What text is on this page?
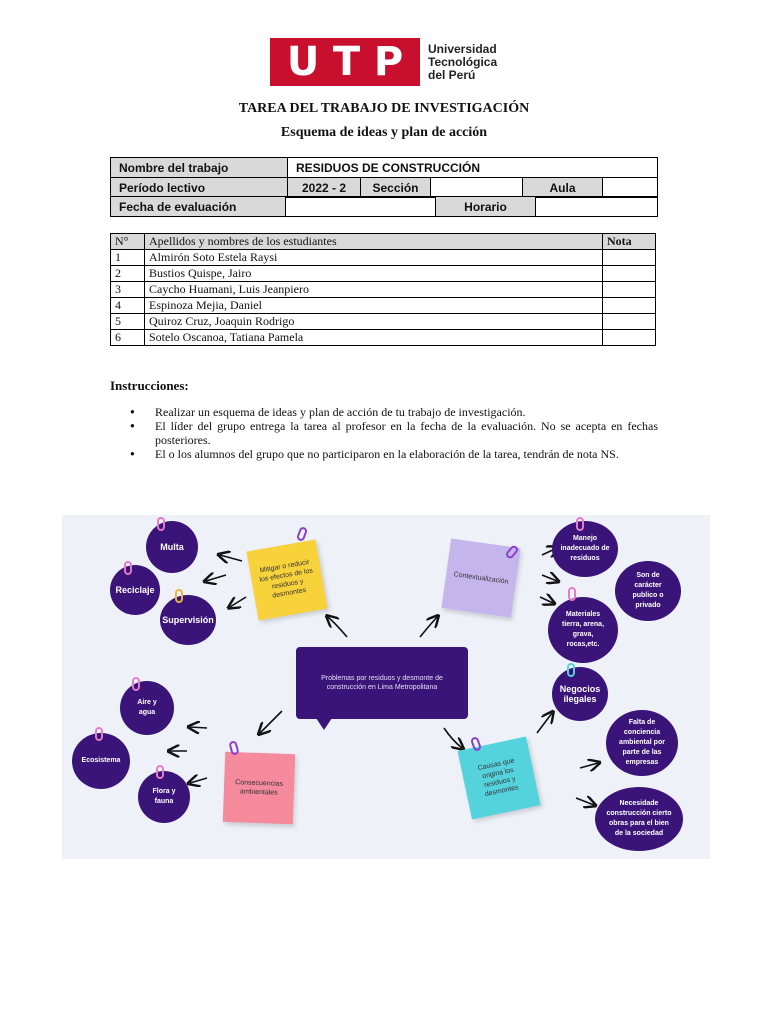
U T P Universidad
Tecnológica
del Perú
TAREA DEL TRABAJO DE INVESTIGACIÓN
Esquema de ideas y plan de acción
Nombre del trabajo	RESIDUOS DE CONSTRUCCIÓN				
Período lectivo	2022 - 2	Sección		Aula	
Fecha de evaluación		Horario	
N°	Apellidos y nombres de los estudiantes	Nota
1	Almirón Soto Estela Raysi	
2	Bustios Quispe, Jairo	
3	Caycho Huamani, Luis Jeanpiero	
4	Espinoza Mejia, Daniel	
5	Quiroz Cruz, Joaquin Rodrigo	
6	Sotelo Oscanoa, Tatiana Pamela	
Instrucciones:
● Realizar un esquema de ideas y plan de acción de tu trabajo de investigación.
● El líder del grupo entrega la tarea al profesor en la fecha de la evaluación. No se acepta en fechas posteriores.
● El o los alumnos del grupo que no participaron en la elaboración de la tarea, tendrán de nota NS.
Problemas por residuos y desmonte de construcción en Lima Metropolitana
Mitigar o reducir los efectos de los residuos y desmontes
Contextualización
Consecuencias ambientales
Causas que origina los residuos y desmontes
Multa
Reciclaje
Supervisión
Manejo inadecuado de residuos
Son de carácter publico o privado
Materiales tierra, arena, grava, rocas,etc.
Negocios ilegales
Falta de conciencia ambiental por parte de las empresas
Necesidade construcción cierto obras para el bien de la sociedad
Aire y agua
Ecosistema
Flora y fauna
